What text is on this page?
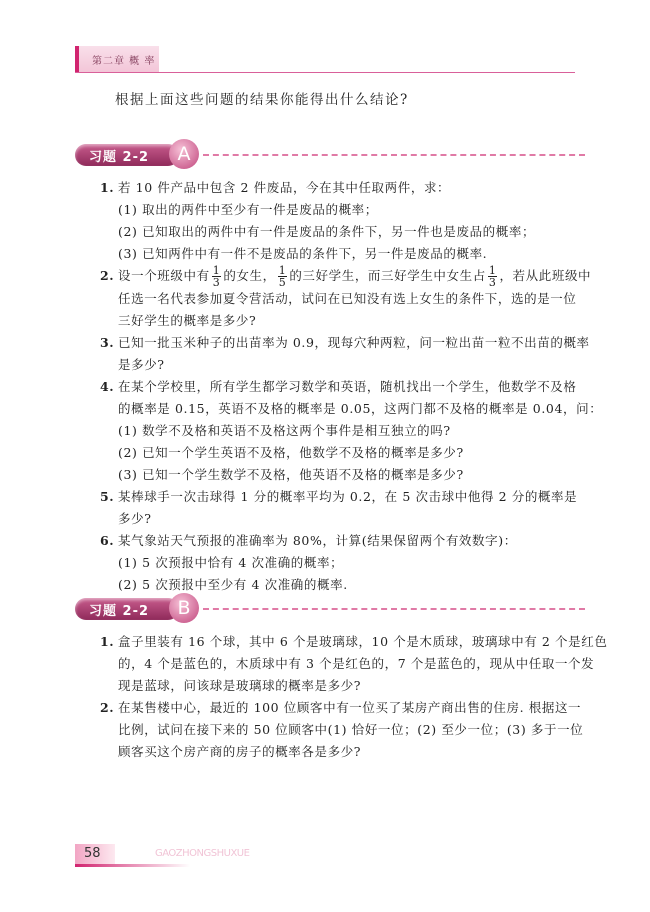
第二章 概 率
根据上面这些问题的结果你能得出什么结论?
习题 2-2	A
1. 若 10 件产品中包含 2 件废品，今在其中任取两件，求：
(1) 取出的两件中至少有一件是废品的概率；
(2) 已知取出的两件中有一件是废品的条件下，另一件也是废品的概率；
(3) 已知两件中有一件不是废品的条件下，另一件是废品的概率.
2. 设一个班级中有 $\frac{1}{3}$ 的女生， $\frac{1}{5}$ 的三好学生，而三好学生中女生占 $\frac{1}{3}$ ，若从此班级中
任选一名代表参加夏令营活动，试问在已知没有选上女生的条件下，选的是一位
三好学生的概率是多少?
3. 已知一批玉米种子的出苗率为 0.9，现每穴种两粒，问一粒出苗一粒不出苗的概率
是多少?
4. 在某个学校里，所有学生都学习数学和英语，随机找出一个学生，他数学不及格
的概率是 0.15，英语不及格的概率是 0.05，这两门都不及格的概率是 0.04，问：
(1) 数学不及格和英语不及格这两个事件是相互独立的吗?
(2) 已知一个学生英语不及格，他数学不及格的概率是多少?
(3) 已知一个学生数学不及格，他英语不及格的概率是多少?
5. 某棒球手一次击球得 1 分的概率平均为 0.2，在 5 次击球中他得 2 分的概率是
多少?
6. 某气象站天气预报的准确率为 80%，计算(结果保留两个有效数字)：
(1) 5 次预报中恰有 4 次准确的概率；
(2) 5 次预报中至少有 4 次准确的概率.
习题 2-2	B
1. 盒子里装有 16 个球，其中 6 个是玻璃球，10 个是木质球，玻璃球中有 2 个是红色
的，4 个是蓝色的，木质球中有 3 个是红色的，7 个是蓝色的，现从中任取一个发
现是蓝球，问该球是玻璃球的概率是多少?
2. 在某售楼中心，最近的 100 位顾客中有一位买了某房产商出售的住房. 根据这一
比例，试问在接下来的 50 位顾客中(1) 恰好一位；(2) 至少一位；(3) 多于一位
顾客买这个房产商的房子的概率各是多少?
58	GAOZHONGSHUXUE
